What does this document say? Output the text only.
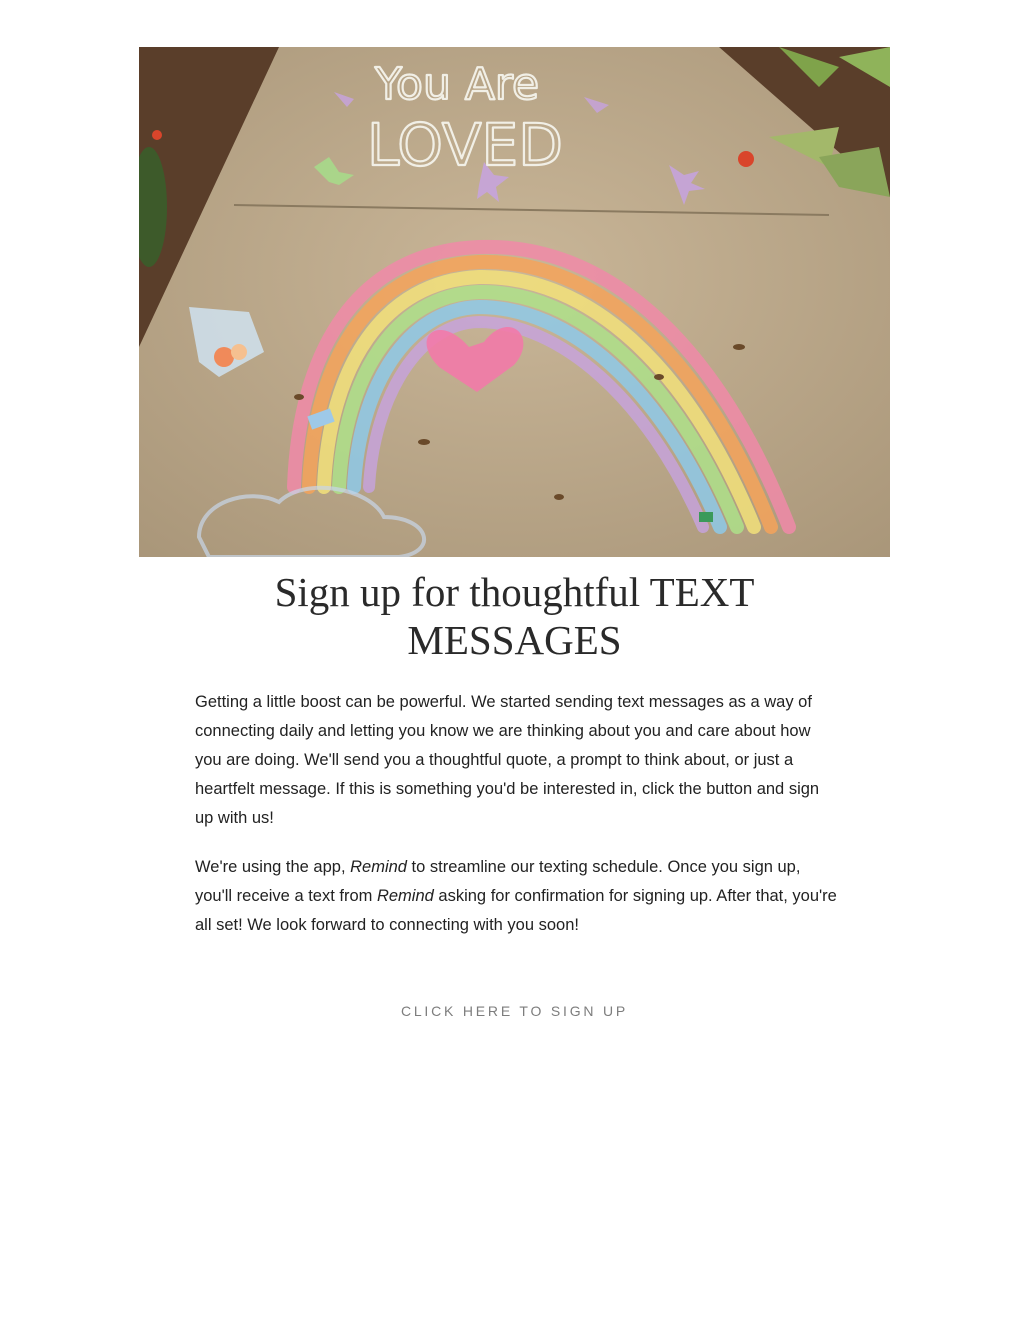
You Are
LOVED
Sign up for thoughtful TEXT
MESSAGES

Getting a little boost can be powerful. We started sending text messages as a way of connecting daily and letting you know we are thinking about you and care about how you are doing. We'll send you a thoughtful quote, a prompt to think about, or just a heartfelt message. If this is something you'd be interested in, click the button and sign up with us!

We're using the app, Remind to streamline our texting schedule. Once you sign up, you'll receive a text from Remind asking for confirmation for signing up. After that, you're all set! We look forward to connecting with you soon!

CLICK HERE TO SIGN UP
